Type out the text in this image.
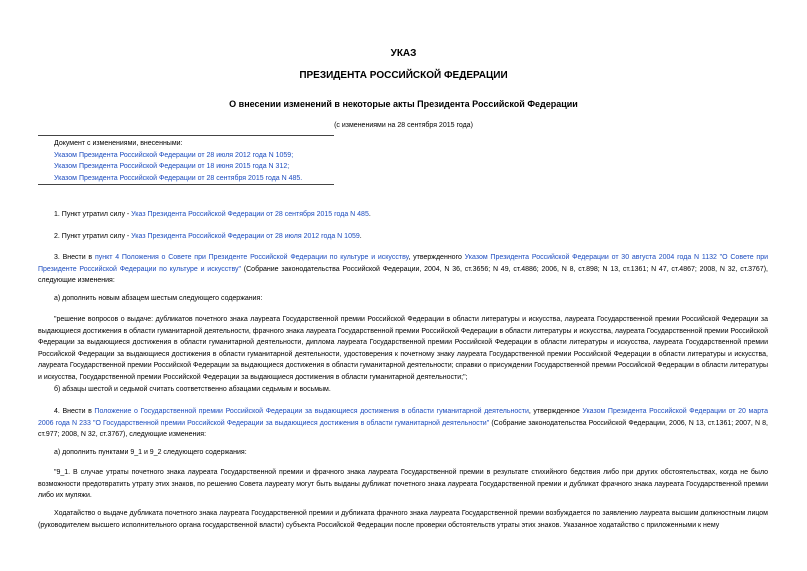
УКАЗ
ПРЕЗИДЕНТА РОССИЙСКОЙ ФЕДЕРАЦИИ
О внесении изменений в некоторые акты Президента Российской Федерации
(с изменениями на 28 сентября 2015 года)
Документ с изменениями, внесенными:
Указом Президента Российской Федерации от 28 июля 2012 года N 1059;
Указом Президента Российской Федерации от 18 июня 2015 года N 312;
Указом Президента Российской Федерации от 28 сентября 2015 года N 485.
1. Пункт утратил силу - Указ Президента Российской Федерации от 28 сентября 2015 года N 485.
2. Пункт утратил силу - Указ Президента Российской Федерации от 28 июля 2012 года N 1059.
3. Внести в пункт 4 Положения о Совете при Президенте Российской Федерации по культуре и искусству, утвержденного Указом Президента Российской Федерации от 30 августа 2004 года N 1132 "О Совете при Президенте Российской Федерации по культуре и искусству" (Собрание законодательства Российской Федерации, 2004, N 36, ст.3656; N 49, ст.4886; 2006, N 8, ст.898; N 13, ст.1361; N 47, ст.4867; 2008, N 32, ст.3767), следующие изменения:
а) дополнить новым абзацем шестым следующего содержания:
"решение вопросов о выдаче: дубликатов почетного знака лауреата Государственной премии Российской Федерации в области литературы и искусства, лауреата Государственной премии Российской Федерации за выдающиеся достижения в области гуманитарной деятельности, фрачного знака лауреата Государственной премии Российской Федерации в области литературы и искусства, лауреата Государственной премии Российской Федерации за выдающиеся достижения в области гуманитарной деятельности, диплома лауреата Государственной премии Российской Федерации в области литературы и искусства, лауреата Государственной премии Российской Федерации за выдающиеся достижения в области гуманитарной деятельности, удостоверения к почетному знаку лауреата Государственной премии Российской Федерации в области литературы и искусства, лауреата Государственной премии Российской Федерации за выдающиеся достижения в области гуманитарной деятельности; справки о присуждении Государственной премии Российской Федерации в области литературы и искусства, Государственной премии Российской Федерации за выдающиеся достижения в области гуманитарной деятельности;";
б) абзацы шестой и седьмой считать соответственно абзацами седьмым и восьмым.
4. Внести в Положение о Государственной премии Российской Федерации за выдающиеся достижения в области гуманитарной деятельности, утвержденное Указом Президента Российской Федерации от 20 марта 2006 года N 233 "О Государственной премии Российской Федерации за выдающиеся достижения в области гуманитарной деятельности" (Собрание законодательства Российской Федерации, 2006, N 13, ст.1361; 2007, N 8, ст.977; 2008, N 32, ст.3767), следующие изменения:
а) дополнить пунктами 9_1 и 9_2 следующего содержания:
"9_1. В случае утраты почетного знака лауреата Государственной премии и фрачного знака лауреата Государственной премии в результате стихийного бедствия либо при других обстоятельствах, когда не было возможности предотвратить утрату этих знаков, по решению Совета лауреату могут быть выданы дубликат почетного знака лауреата Государственной премии и дубликат фрачного знака лауреата Государственной премии либо их муляжи.
Ходатайство о выдаче дубликата почетного знака лауреата Государственной премии и дубликата фрачного знака лауреата Государственной премии возбуждается по заявлению лауреата высшим должностным лицом (руководителем высшего исполнительного органа государственной власти) субъекта Российской Федерации после проверки обстоятельств утраты этих знаков. Указанное ходатайство с приложенными к нему
